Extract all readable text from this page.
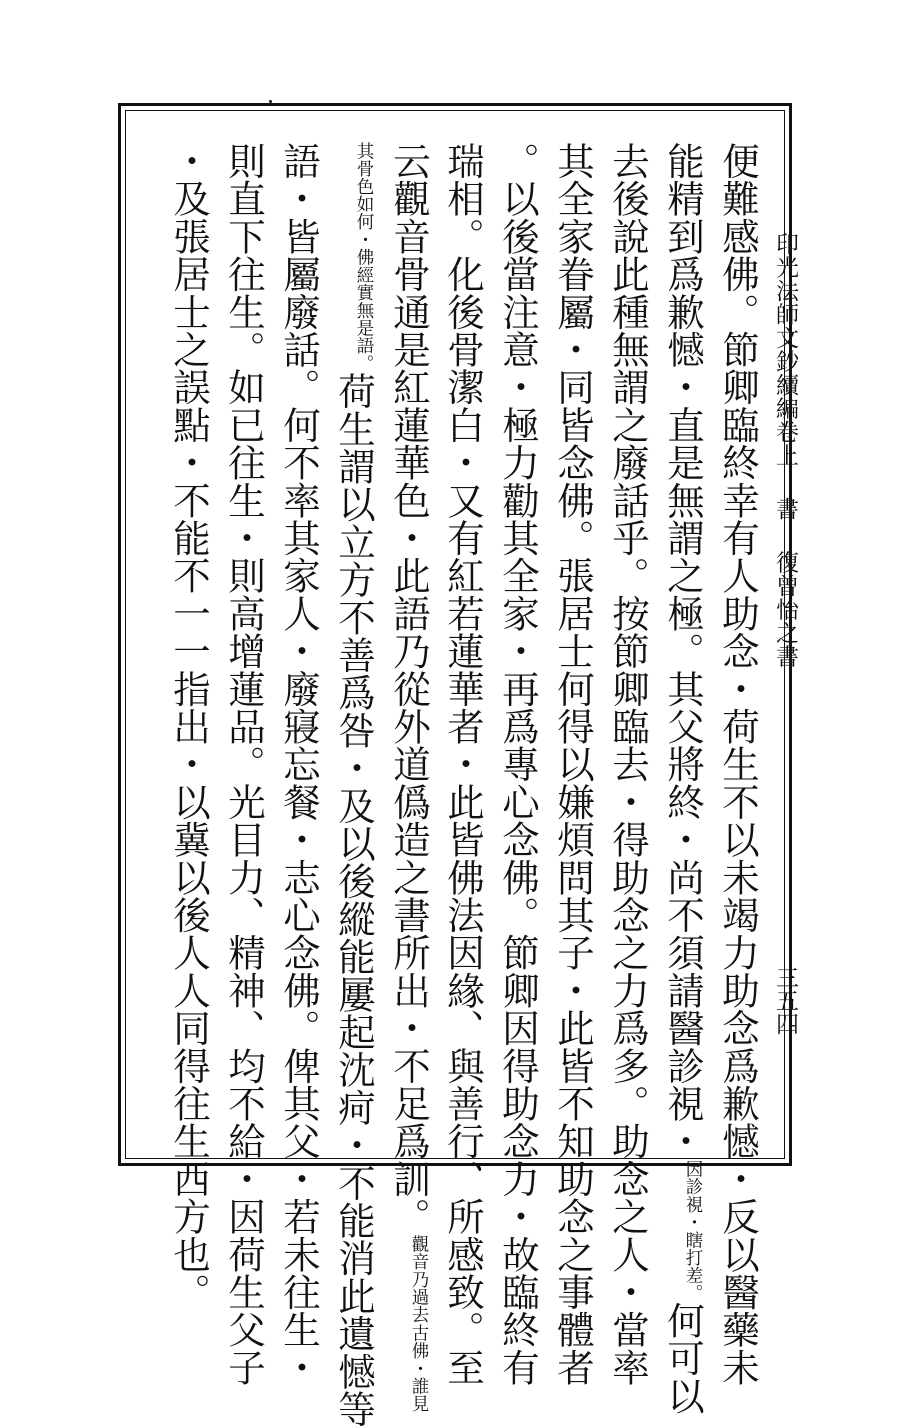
印光法師文鈔續編卷上書復曾怡之書
三五四
便難感佛。節卿臨終幸有人助念・荷生不以未竭力助念爲歉憾・反以醫藥未
能精到爲歉憾・直是無謂之極。其父將終・尚不須請醫診視・因診視・瞎打差。何可以
去後說此種無謂之廢話乎。按節卿臨去・得助念之力爲多。助念之人・當率
其全家眷屬・同皆念佛。張居士何得以嫌煩問其子・此皆不知助念之事體者
。以後當注意・極力勸其全家・再爲專心念佛。節卿因得助念力・故臨終有
瑞相。化後骨潔白・又有紅若蓮華者・此皆佛法因緣、與善行、所感致。至
云觀音骨通是紅蓮華色・此語乃從外道僞造之書所出・不足爲訓。觀音乃過去古佛・誰見
其骨色如何・佛經實無是語。荷生謂以立方不善爲咎・及以後縱能屢起沈疴・不能消此遺憾等
語・皆屬廢話。何不率其家人・廢寢忘餐・志心念佛。俾其父・若未往生・
則直下往生。如已往生・則高增蓮品。光目力、精神、均不給・因荷生父子
・及張居士之誤點・不能不一一指出・以冀以後人人同得往生西方也。
